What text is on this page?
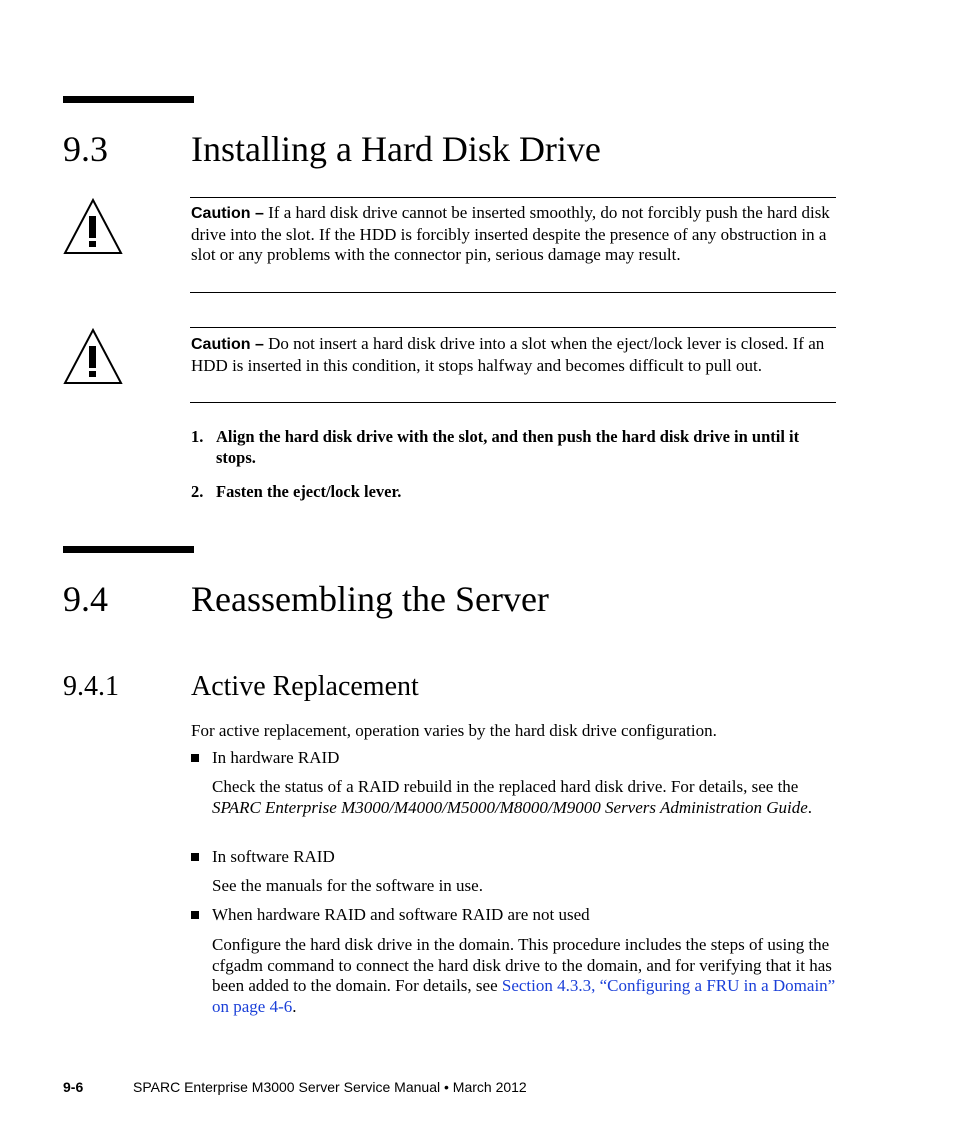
9.3 Installing a Hard Disk Drive
Caution – If a hard disk drive cannot be inserted smoothly, do not forcibly push the hard disk drive into the slot. If the HDD is forcibly inserted despite the presence of any obstruction in a slot or any problems with the connector pin, serious damage may result.
Caution – Do not insert a hard disk drive into a slot when the eject/lock lever is closed. If an HDD is inserted in this condition, it stops halfway and becomes difficult to pull out.
1. Align the hard disk drive with the slot, and then push the hard disk drive in until it stops.
2. Fasten the eject/lock lever.
9.4 Reassembling the Server
9.4.1	Active Replacement
For active replacement, operation varies by the hard disk drive configuration.
In hardware RAID
Check the status of a RAID rebuild in the replaced hard disk drive. For details, see the SPARC Enterprise M3000/M4000/M5000/M8000/M9000 Servers Administration Guide.
In software RAID
See the manuals for the software in use.
When hardware RAID and software RAID are not used
Configure the hard disk drive in the domain. This procedure includes the steps of using the cfgadm command to connect the hard disk drive to the domain, and for verifying that it has been added to the domain. For details, see Section 4.3.3, “Configuring a FRU in a Domain” on page 4-6.
9-6	SPARC Enterprise M3000 Server Service Manual • March 2012
